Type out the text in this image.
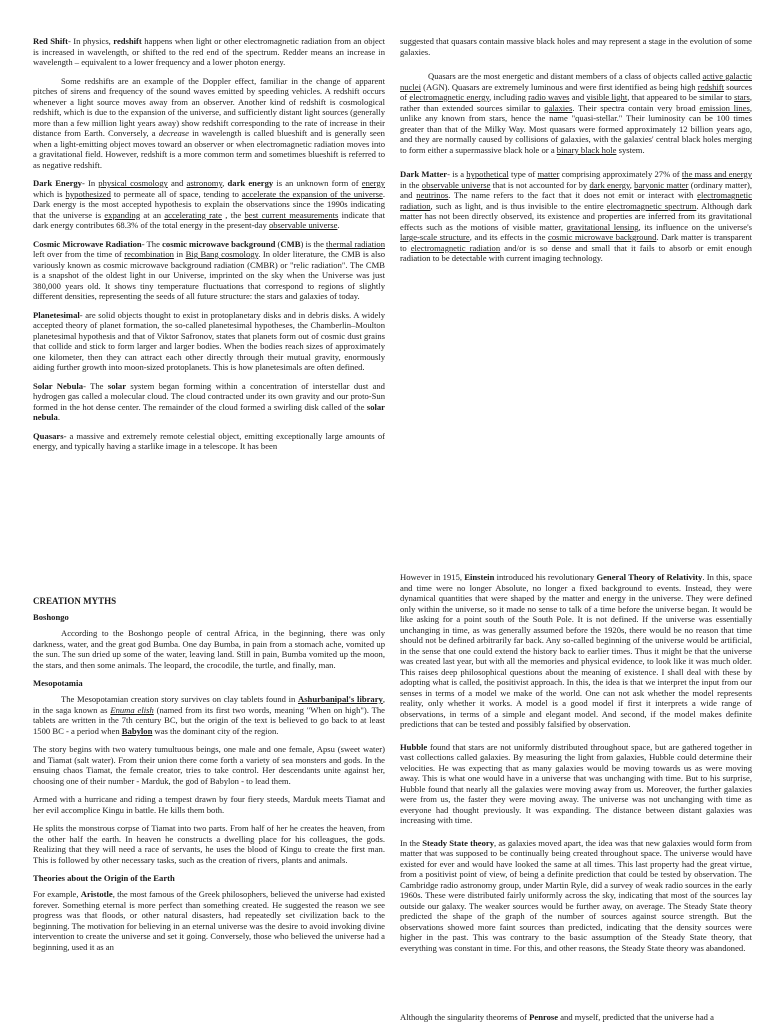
Red Shift- In physics, redshift happens when light or other electromagnetic radiation from an object is increased in wavelength, or shifted to the red end of the spectrum. Redder means an increase in wavelength – equivalent to a lower frequency and a lower photon energy.

Some redshifts are an example of the Doppler effect, familiar in the change of apparent pitches of sirens and frequency of the sound waves emitted by speeding vehicles. A redshift occurs whenever a light source moves away from an observer. Another kind of redshift is cosmological redshift, which is due to the expansion of the universe, and sufficiently distant light sources (generally more than a few million light years away) show redshift corresponding to the rate of increase in their distance from Earth. Conversely, a decrease in wavelength is called blueshift and is generally seen when a light-emitting object moves toward an observer or when electromagnetic radiation moves into a gravitational field. However, redshift is a more common term and sometimes blueshift is referred to as negative redshift.

Dark Energy- In physical cosmology and astronomy, dark energy is an unknown form of energy which is hypothesized to permeate all of space, tending to accelerate the expansion of the universe. Dark energy is the most accepted hypothesis to explain the observations since the 1990s indicating that the universe is expanding at an accelerating rate , the best current measurements indicate that dark energy contributes 68.3% of the total energy in the present-day observable universe.

Cosmic Microwave Radiation- The cosmic microwave background (CMB) is the thermal radiation left over from the time of recombination in Big Bang cosmology. In older literature, the CMB is also variously known as cosmic microwave background radiation (CMBR) or "relic radiation". The CMB is a snapshot of the oldest light in our Universe, imprinted on the sky when the Universe was just 380,000 years old. It shows tiny temperature fluctuations that correspond to regions of slightly different densities, representing the seeds of all future structure: the stars and galaxies of today.

Planetesimal- are solid objects thought to exist in protoplanetary disks and in debris disks. A widely accepted theory of planet formation, the so-called planetesimal hypotheses, the Chamberlin–Moulton planetesimal hypothesis and that of Viktor Safronov, states that planets form out of cosmic dust grains that collide and stick to form larger and larger bodies. When the bodies reach sizes of approximately one kilometer, then they can attract each other directly through their mutual gravity, enormously aiding further growth into moon-sized protoplanets. This is how planetesimals are often defined.

Solar Nebula- The solar system began forming within a concentration of interstellar dust and hydrogen gas called a molecular cloud. The cloud contracted under its own gravity and our proto-Sun formed in the hot dense center. The remainder of the cloud formed a swirling disk called of the solar nebula.

Quasars- a massive and extremely remote celestial object, emitting exceptionally large amounts of energy, and typically having a starlike image in a telescope. It has been

suggested that quasars contain massive black holes and may represent a stage in the evolution of some galaxies.

Quasars are the most energetic and distant members of a class of objects called active galactic nuclei (AGN). Quasars are extremely luminous and were first identified as being high redshift sources of electromagnetic energy, including radio waves and visible light, that appeared to be similar to stars, rather than extended sources similar to galaxies. Their spectra contain very broad emission lines, unlike any known from stars, hence the name "quasi-stellar." Their luminosity can be 100 times greater than that of the Milky Way. Most quasars were formed approximately 12 billion years ago, and they are normally caused by collisions of galaxies, with the galaxies' central black holes merging to form either a supermassive black hole or a binary black hole system.

Dark Matter- is a hypothetical type of matter comprising approximately 27% of the mass and energy in the observable universe that is not accounted for by dark energy, baryonic matter (ordinary matter), and neutrinos. The name refers to the fact that it does not emit or interact with electromagnetic radiation, such as light, and is thus invisible to the entire electromagnetic spectrum. Although dark matter has not been directly observed, its existence and properties are inferred from its gravitational effects such as the motions of visible matter, gravitational lensing, its influence on the universe's large-scale structure, and its effects in the cosmic microwave background. Dark matter is transparent to electromagnetic radiation and/or is so dense and small that it fails to absorb or emit enough radiation to be detectable with current imaging technology.

CREATION MYTHS
Boshongo

According to the Boshongo people of central Africa, in the beginning, there was only darkness, water, and the great god Bumba. One day Bumba, in pain from a stomach ache, vomited up the sun. The sun dried up some of the water, leaving land. Still in pain, Bumba vomited up the moon, the stars, and then some animals. The leopard, the crocodile, the turtle, and finally, man.

Mesopotamia

The Mesopotamian creation story survives on clay tablets found in Ashurbanipal's library, in the saga known as Enuma elish (named from its first two words, meaning "When on high"). The tablets are written in the 7th century BC, but the origin of the text is believed to go back to at least 1500 BC - a period when Babylon was the dominant city of the region.

The story begins with two watery tumultuous beings, one male and one female, Apsu (sweet water) and Tiamat (salt water). From their union there come forth a variety of sea monsters and gods. In the ensuing chaos Tiamat, the female creator, tries to take control. Her descendants unite against her, choosing one of their number - Marduk, the god of Babylon - to lead them.

Armed with a hurricane and riding a tempest drawn by four fiery steeds, Marduk meets Tiamat and her evil accomplice Kingu in battle. He kills them both.

He splits the monstrous corpse of Tiamat into two parts. From half of her he creates the heaven, from the other half the earth. In heaven he constructs a dwelling place for his colleagues, the gods. Realizing that they will need a race of servants, he uses the blood of Kingu to create the first man. This is followed by other necessary tasks, such as the creation of rivers, plants and animals.

Theories about the Origin of the Earth

For example, Aristotle, the most famous of the Greek philosophers, believed the universe had existed forever. Something eternal is more perfect than something created. He suggested the reason we see progress was that floods, or other natural disasters, had repeatedly set civilization back to the beginning. The motivation for believing in an eternal universe was the desire to avoid invoking divine intervention to create the universe and set it going. Conversely, those who believed the universe had a beginning, used it as an

However in 1915, Einstein introduced his revolutionary General Theory of Relativity. In this, space and time were no longer Absolute, no longer a fixed background to events. Instead, they were dynamical quantities that were shaped by the matter and energy in the universe. They were defined only within the universe, so it made no sense to talk of a time before the universe began. It would be like asking for a point south of the South Pole. It is not defined. If the universe was essentially unchanging in time, as was generally assumed before the 1920s, there would be no reason that time should not be defined arbitrarily far back. Any so-called beginning of the universe would be artificial, in the sense that one could extend the history back to earlier times. Thus it might be that the universe was created last year, but with all the memories and physical evidence, to look like it was much older. This raises deep philosophical questions about the meaning of existence. I shall deal with these by adopting what is called, the positivist approach. In this, the idea is that we interpret the input from our senses in terms of a model we make of the world. One can not ask whether the model represents reality, only whether it works. A model is a good model if first it interprets a wide range of observations, in terms of a simple and elegant model. And second, if the model makes definite predictions that can be tested and possibly falsified by observation.

Hubble found that stars are not uniformly distributed throughout space, but are gathered together in vast collections called galaxies. By measuring the light from galaxies, Hubble could determine their velocities. He was expecting that as many galaxies would be moving towards us as were moving away. This is what one would have in a universe that was unchanging with time. But to his surprise, Hubble found that nearly all the galaxies were moving away from us. Moreover, the further galaxies were from us, the faster they were moving away. The universe was not unchanging with time as everyone had thought previously. It was expanding. The distance between distant galaxies was increasing with time.

In the Steady State theory, as galaxies moved apart, the idea was that new galaxies would form from matter that was supposed to be continually being created throughout space. The universe would have existed for ever and would have looked the same at all times. This last property had the great virtue, from a positivist point of view, of being a definite prediction that could be tested by observation. The Cambridge radio astronomy group, under Martin Ryle, did a survey of weak radio sources in the early 1960s. These were distributed fairly uniformly across the sky, indicating that most of the sources lay outside our galaxy. The weaker sources would be further away, on average. The Steady State theory predicted the shape of the graph of the number of sources against source strength. But the observations showed more faint sources than predicted, indicating that the density sources were higher in the past. This was contrary to the basic assumption of the Steady State theory, that everything was constant in time. For this, and other reasons, the Steady State theory was abandoned.

Although the singularity theorems of Penrose and myself, predicted that the universe had a
